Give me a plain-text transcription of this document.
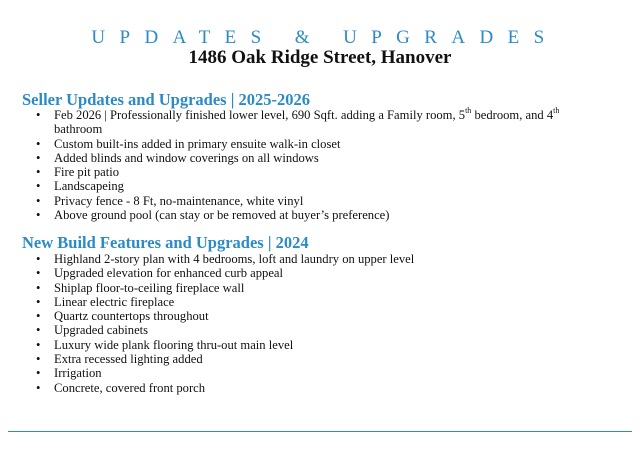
UPDATES & UPGRADES
1486 Oak Ridge Street, Hanover
Seller Updates and Upgrades | 2025-2026
•	Feb 2026 | Professionally finished lower level, 690 Sqft. adding a Family room, 5th bedroom, and 4th bathroom
•	Custom built-ins added in primary ensuite walk-in closet
•	Added blinds and window coverings on all windows
•	Fire pit patio
•	Landscapeing
•	Privacy fence - 8 Ft, no-maintenance, white vinyl
•	Above ground pool (can stay or be removed at buyer’s preference)
New Build Features and Upgrades | 2024
•	Highland 2-story plan with 4 bedrooms, loft and laundry on upper level
•	Upgraded elevation for enhanced curb appeal
•	Shiplap floor-to-ceiling fireplace wall
•	Linear electric fireplace
•	Quartz countertops throughout
•	Upgraded cabinets
•	Luxury wide plank flooring thru-out main level
•	Extra recessed lighting added
•	Irrigation
•	Concrete, covered front porch
